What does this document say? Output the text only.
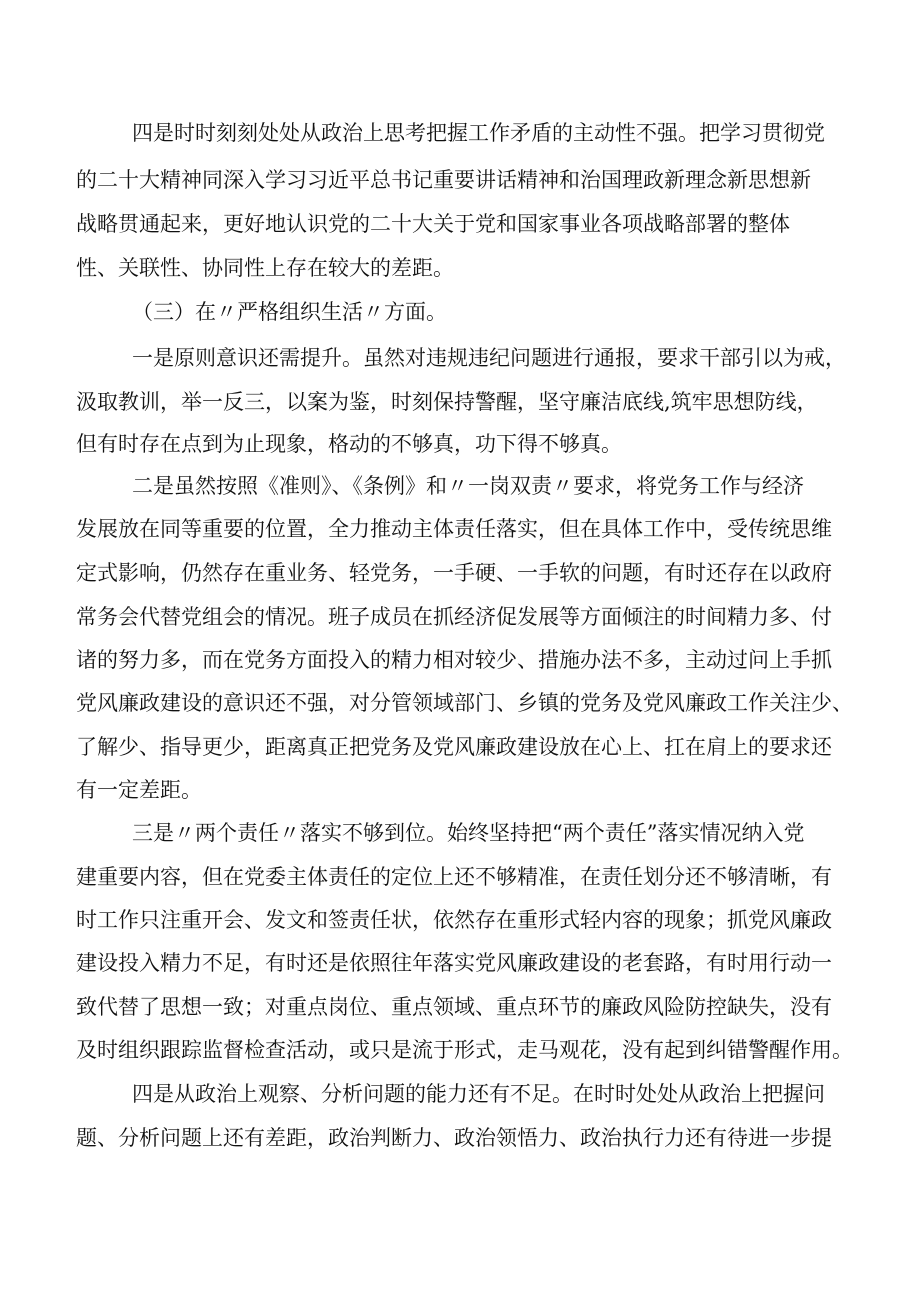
四是时时刻刻处处从政治上思考把握工作矛盾的主动性不强。把学习贯彻党
的二十大精神同深入学习习近平总书记重要讲话精神和治国理政新理念新思想新
战略贯通起来，更好地认识党的二十大关于党和国家事业各项战略部署的整体
性、关联性、协同性上存在较大的差距。
（三）在〃严格组织生活〃方面。
一是原则意识还需提升。虽然对违规违纪问题进行通报，要求干部引以为戒，
汲取教训，举一反三，以案为鉴，时刻保持警醒，坚守廉洁底线,筑牢思想防线，
但有时存在点到为止现象，格动的不够真，功下得不够真。
二是虽然按照《准则》、《条例》和〃一岗双责〃要求，将党务工作与经济
发展放在同等重要的位置，全力推动主体责任落实，但在具体工作中，受传统思维
定式影响，仍然存在重业务、轻党务，一手硬、一手软的问题，有时还存在以政府
常务会代替党组会的情况。班子成员在抓经济促发展等方面倾注的时间精力多、付
诸的努力多，而在党务方面投入的精力相对较少、措施办法不多，主动过问上手抓
党风廉政建设的意识还不强，对分管领域部门、乡镇的党务及党风廉政工作关注少、
了解少、指导更少，距离真正把党务及党风廉政建设放在心上、扛在肩上的要求还
有一定差距。
三是〃两个责任〃落实不够到位。始终坚持把“两个责任”落实情况纳入党
建重要内容，但在党委主体责任的定位上还不够精准，在责任划分还不够清晰，有
时工作只注重开会、发文和签责任状，依然存在重形式轻内容的现象；抓党风廉政
建设投入精力不足，有时还是依照往年落实党风廉政建设的老套路，有时用行动一
致代替了思想一致；对重点岗位、重点领域、重点环节的廉政风险防控缺失，没有
及时组织跟踪监督检查活动，或只是流于形式，走马观花，没有起到纠错警醒作用。
四是从政治上观察、分析问题的能力还有不足。在时时处处从政治上把握问
题、分析问题上还有差距，政治判断力、政治领悟力、政治执行力还有待进一步提
